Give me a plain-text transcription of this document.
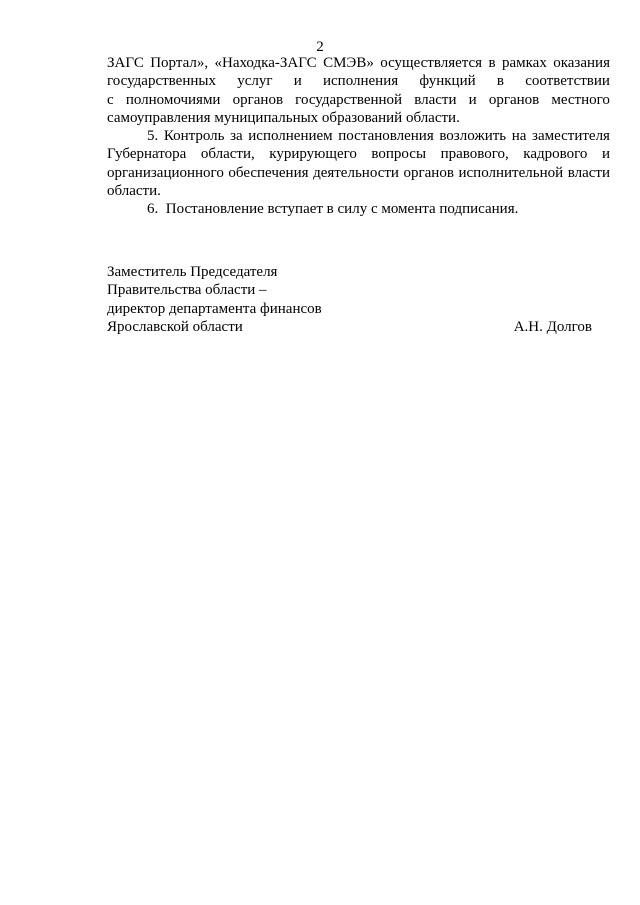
2
ЗАГС Портал», «Находка-ЗАГС СМЭВ» осуществляется в рамках оказания
государственных услуг и исполнения функций в соответствии
с полномочиями органов государственной власти и органов местного
самоуправления муниципальных образований области.
5. Контроль за исполнением постановления возложить на заместителя
Губернатора области, курирующего вопросы правового, кадрового и
организационного обеспечения деятельности органов исполнительной власти
области.
6.  Постановление вступает в силу с момента подписания.
Заместитель Председателя
Правительства области –
директор департамента финансов
Ярославской области	А.Н. Долгов
